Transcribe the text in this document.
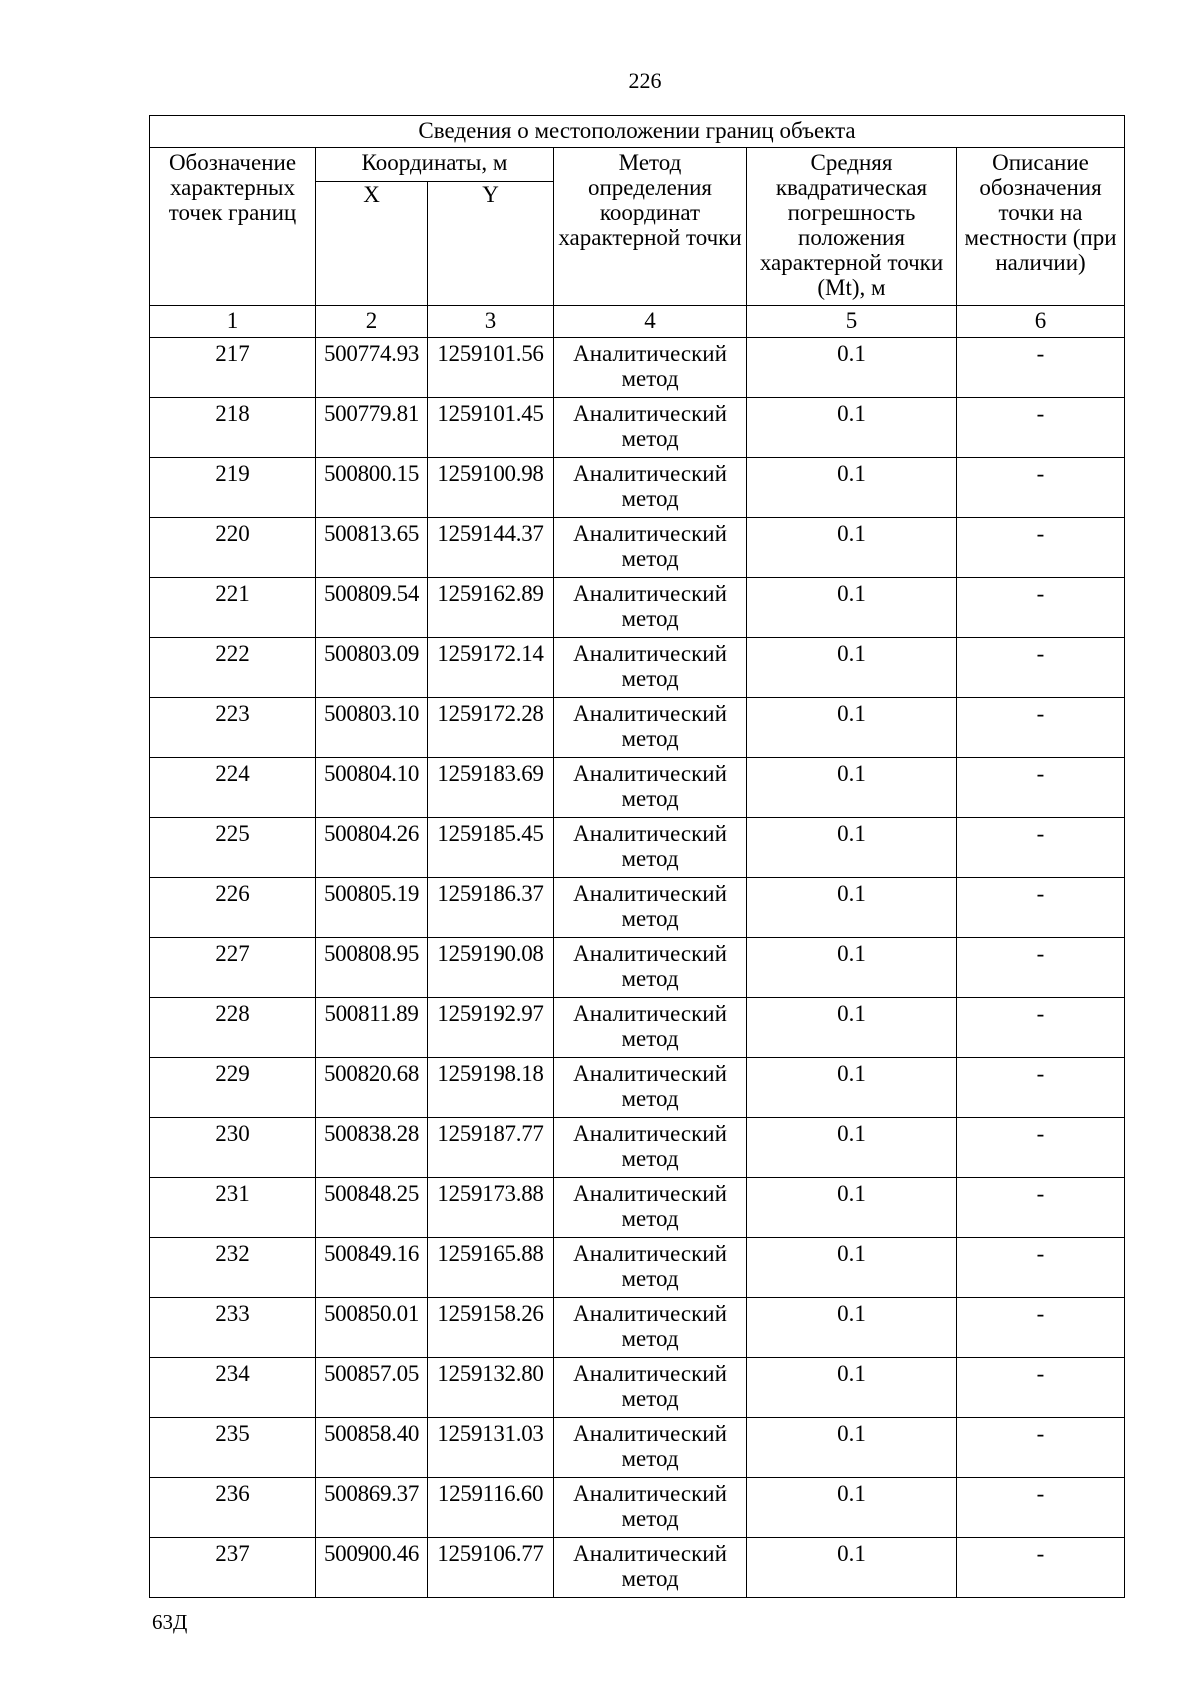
226
Сведения о местоположении границ объекта					
Обозначение характерных точек границ	Координаты, м		Метод определения координат характерной точки	Средняя квадратическая погрешность положения характерной точки (Mt), м	Описание обозначения точки на местности (при наличии)
	X	Y			
1	2	3	4	5	6
217	500774.93	1259101.56	Аналитический метод	0.1	-
218	500779.81	1259101.45	Аналитический метод	0.1	-
219	500800.15	1259100.98	Аналитический метод	0.1	-
220	500813.65	1259144.37	Аналитический метод	0.1	-
221	500809.54	1259162.89	Аналитический метод	0.1	-
222	500803.09	1259172.14	Аналитический метод	0.1	-
223	500803.10	1259172.28	Аналитический метод	0.1	-
224	500804.10	1259183.69	Аналитический метод	0.1	-
225	500804.26	1259185.45	Аналитический метод	0.1	-
226	500805.19	1259186.37	Аналитический метод	0.1	-
227	500808.95	1259190.08	Аналитический метод	0.1	-
228	500811.89	1259192.97	Аналитический метод	0.1	-
229	500820.68	1259198.18	Аналитический метод	0.1	-
230	500838.28	1259187.77	Аналитический метод	0.1	-
231	500848.25	1259173.88	Аналитический метод	0.1	-
232	500849.16	1259165.88	Аналитический метод	0.1	-
233	500850.01	1259158.26	Аналитический метод	0.1	-
234	500857.05	1259132.80	Аналитический метод	0.1	-
235	500858.40	1259131.03	Аналитический метод	0.1	-
236	500869.37	1259116.60	Аналитический метод	0.1	-
237	500900.46	1259106.77	Аналитический метод	0.1	-
63Д
